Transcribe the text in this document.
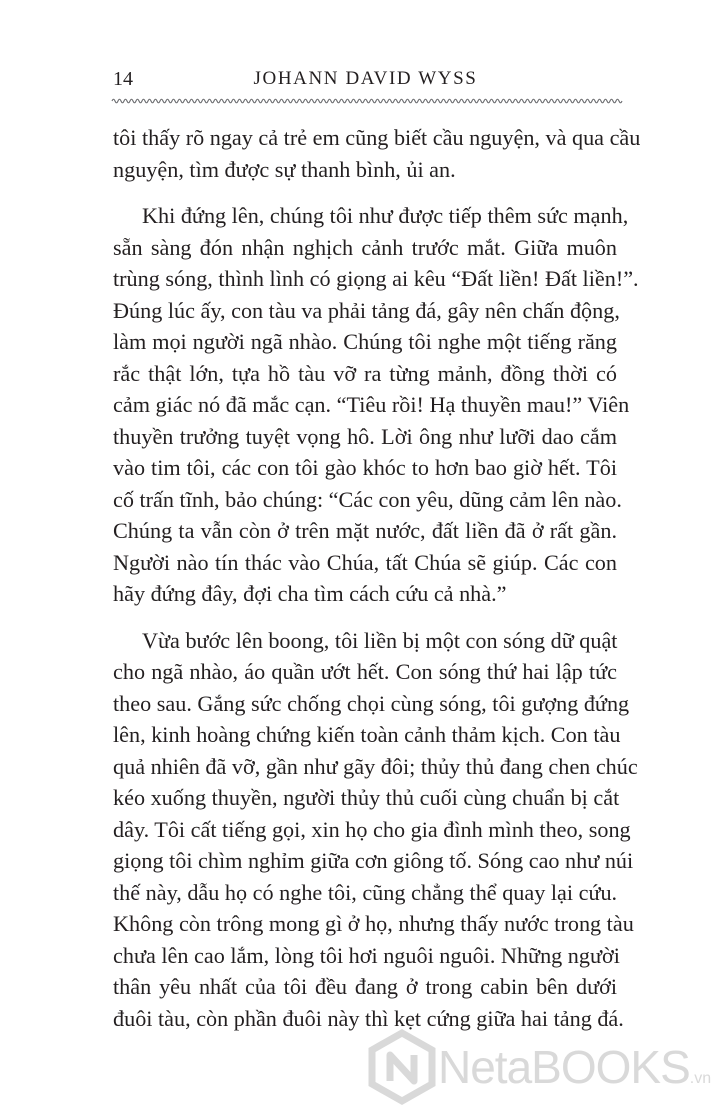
14	JOHANN DAVID WYSS

tôi thấy rõ ngay cả trẻ em cũng biết cầu nguyện, và qua cầu
nguyện, tìm được sự thanh bình, ủi an.

Khi đứng lên, chúng tôi như được tiếp thêm sức mạnh,
sẵn sàng đón nhận nghịch cảnh trước mắt. Giữa muôn
trùng sóng, thình lình có giọng ai kêu “Đất liền! Đất liền!”.
Đúng lúc ấy, con tàu va phải tảng đá, gây nên chấn động,
làm mọi người ngã nhào. Chúng tôi nghe một tiếng răng
rắc thật lớn, tựa hồ tàu vỡ ra từng mảnh, đồng thời có
cảm giác nó đã mắc cạn. “Tiêu rồi! Hạ thuyền mau!” Viên
thuyền trưởng tuyệt vọng hô. Lời ông như lưỡi dao cắm
vào tim tôi, các con tôi gào khóc to hơn bao giờ hết. Tôi
cố trấn tĩnh, bảo chúng: “Các con yêu, dũng cảm lên nào.
Chúng ta vẫn còn ở trên mặt nước, đất liền đã ở rất gần.
Người nào tín thác vào Chúa, tất Chúa sẽ giúp. Các con
hãy đứng đây, đợi cha tìm cách cứu cả nhà.”

Vừa bước lên boong, tôi liền bị một con sóng dữ quật
cho ngã nhào, áo quần ướt hết. Con sóng thứ hai lập tức
theo sau. Gắng sức chống chọi cùng sóng, tôi gượng đứng
lên, kinh hoàng chứng kiến toàn cảnh thảm kịch. Con tàu
quả nhiên đã vỡ, gần như gãy đôi; thủy thủ đang chen chúc
kéo xuống thuyền, người thủy thủ cuối cùng chuẩn bị cắt
dây. Tôi cất tiếng gọi, xin họ cho gia đình mình theo, song
giọng tôi chìm nghỉm giữa cơn giông tố. Sóng cao như núi
thế này, dẫu họ có nghe tôi, cũng chẳng thể quay lại cứu.
Không còn trông mong gì ở họ, nhưng thấy nước trong tàu
chưa lên cao lắm, lòng tôi hơi nguôi nguôi. Những người
thân yêu nhất của tôi đều đang ở trong cabin bên dưới
đuôi tàu, còn phần đuôi này thì kẹt cứng giữa hai tảng đá.

NetaBOOKS.vn
